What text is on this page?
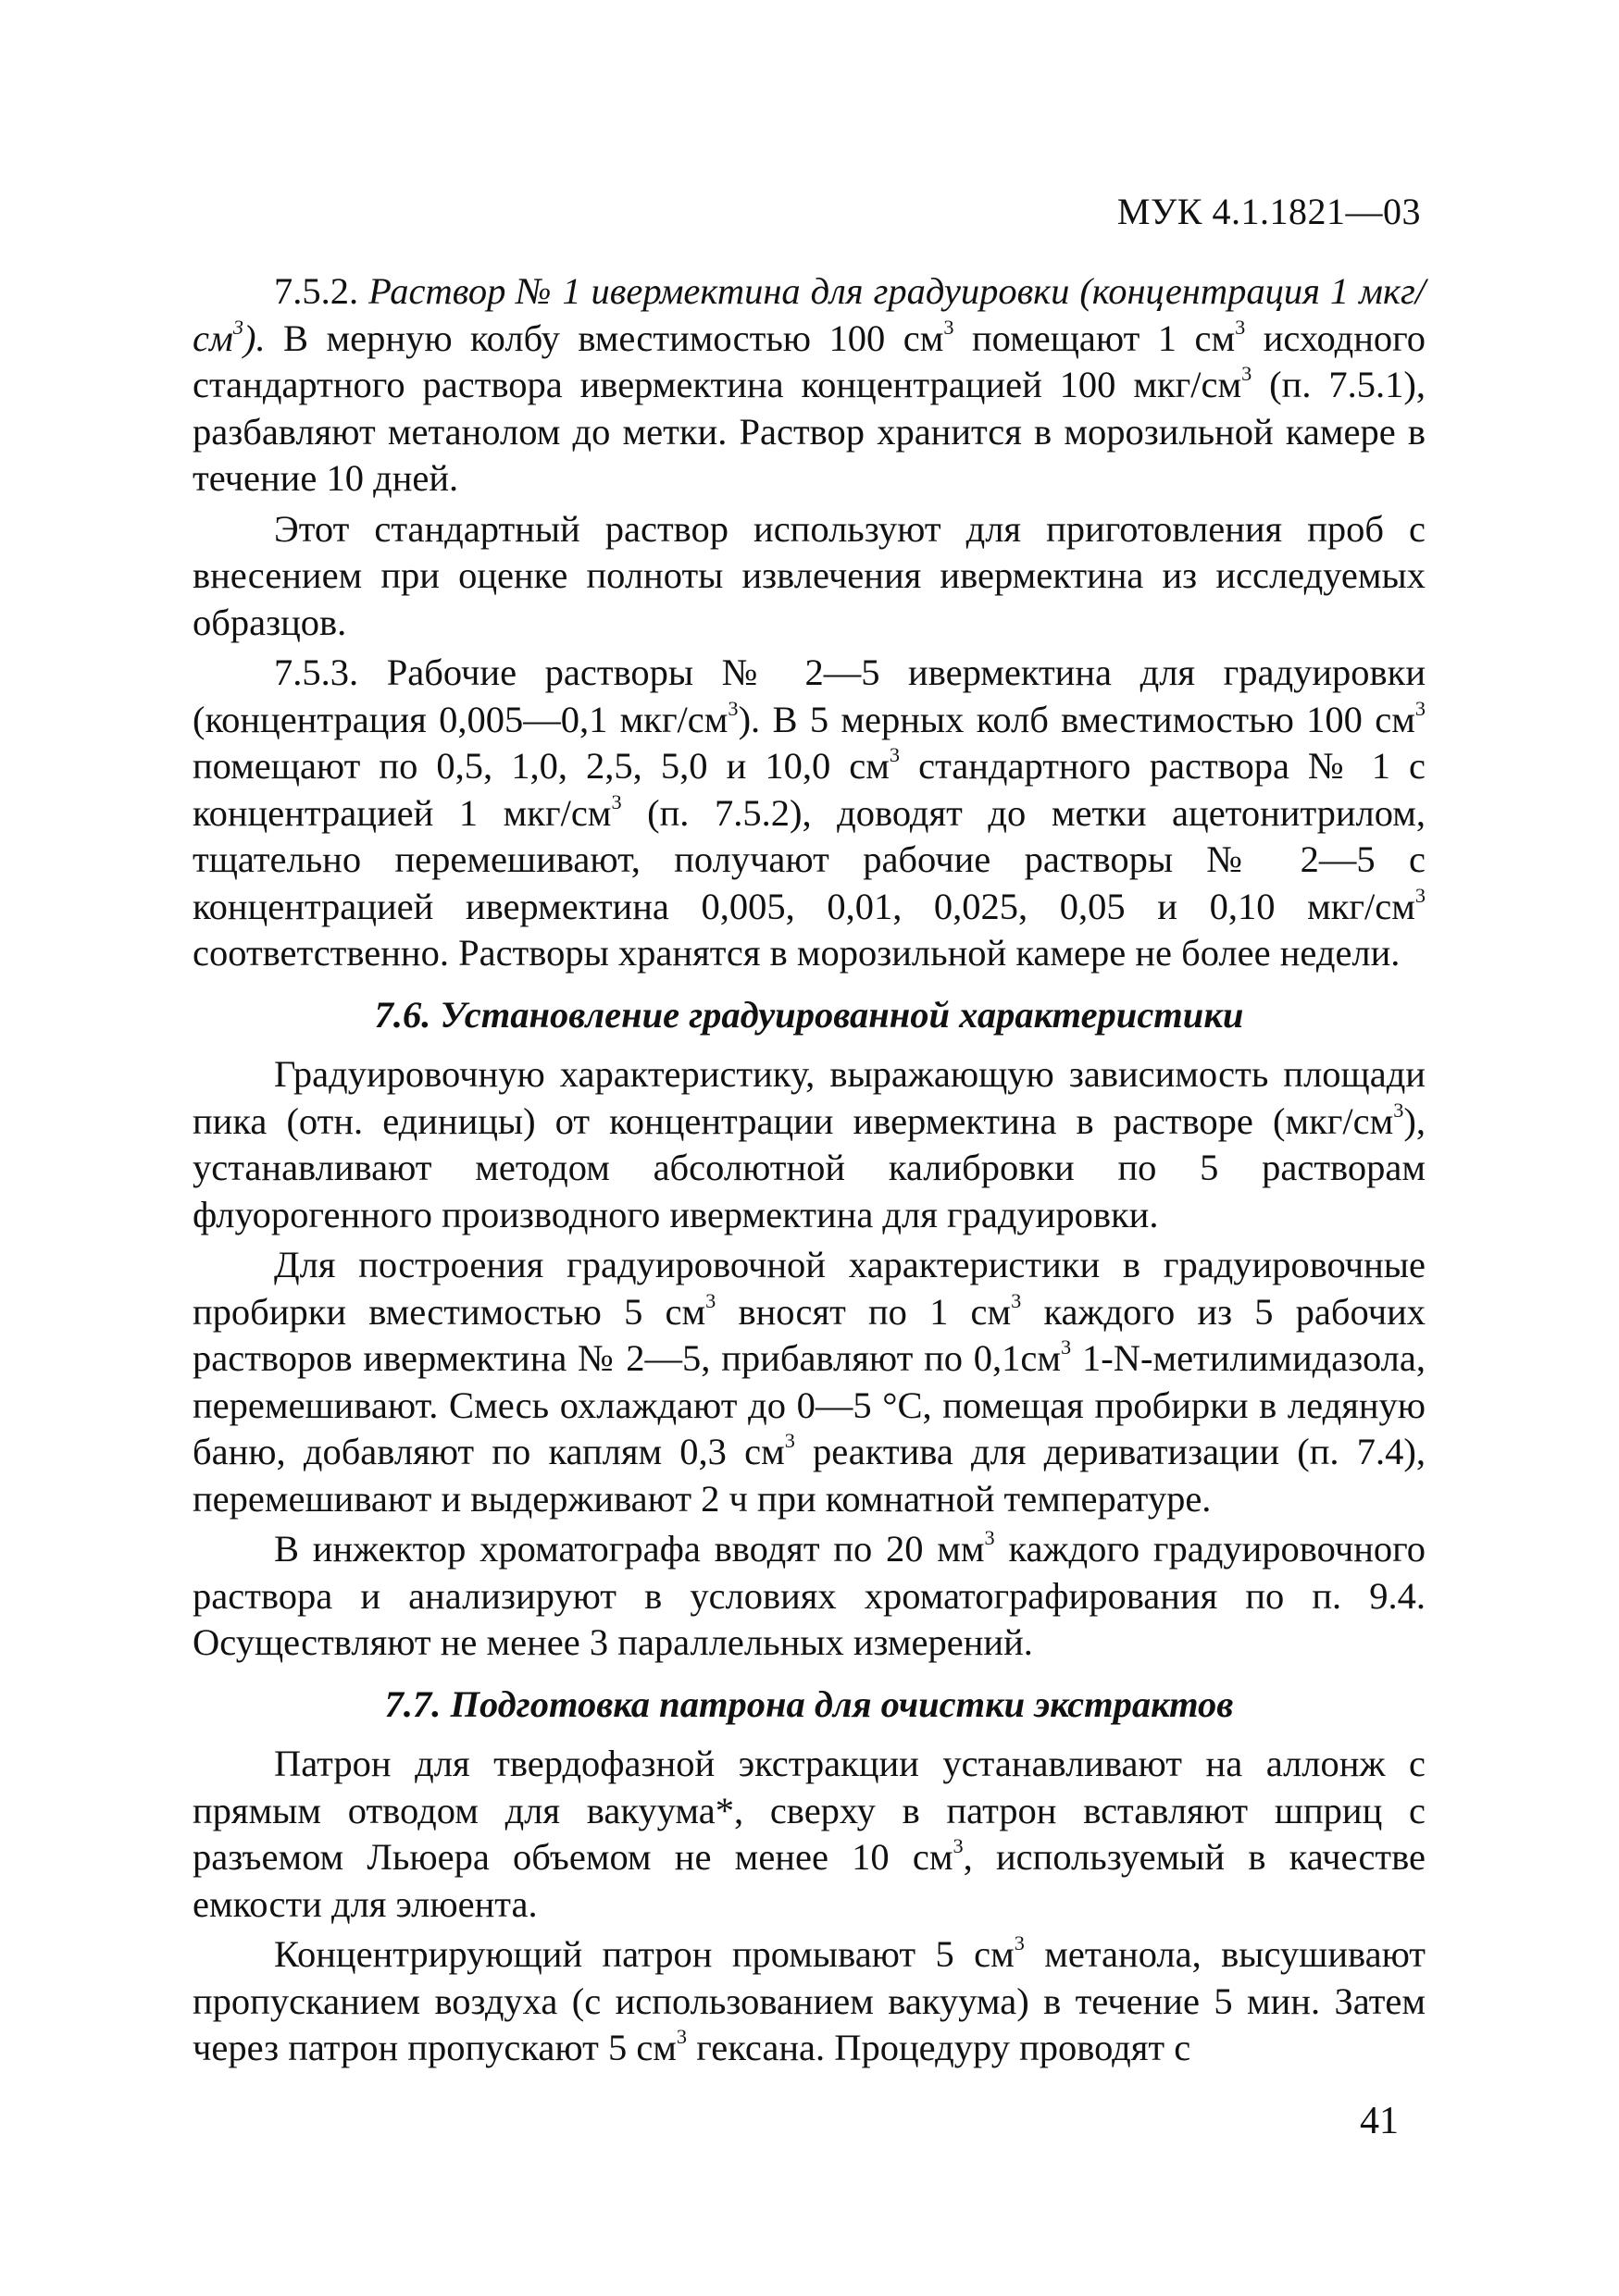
МУК 4.1.1821—03

7.5.2. Раствор № 1 ивермектина для градуировки (концентрация 1 мкг/ $см^3$). В мерную колбу вместимостью 100 $см^3$ помещают 1 $см^3$ исходного стандартного раствора ивермектина концентрацией 100 мкг/$см^3$ (п. 7.5.1), разбавляют метанолом до метки. Раствор хранится в морозильной камере в течение 10 дней.

Этот стандартный раствор используют для приготовления проб с внесением при оценке полноты извлечения ивермектина из исследуемых образцов.

7.5.3. Рабочие растворы № 2—5 ивермектина для градуировки (концентрация 0,005—0,1 мкг/$см^3$). В 5 мерных колб вместимостью 100 $см^3$ помещают по 0,5, 1,0, 2,5, 5,0 и 10,0 $см^3$ стандартного раствора № 1 с концентрацией 1 мкг/$см^3$ (п. 7.5.2), доводят до метки ацетонитрилом, тщательно перемешивают, получают рабочие растворы № 2—5 с концентрацией ивермектина 0,005, 0,01, 0,025, 0,05 и 0,10 мкг/$см^3$ соответственно. Растворы хранятся в морозильной камере не более недели.

7.6. Установление градуированной характеристики

Градуировочную характеристику, выражающую зависимость площади пика (отн. единицы) от концентрации ивермектина в растворе $(мкг/см^3)$, устанавливают методом абсолютной калибровки по 5 растворам флуорогенного производного ивермектина для градуировки.

Для построения градуировочной характеристики в градуировочные пробирки вместимостью 5 $см^3$ вносят по 1 $см^3$ каждого из 5 рабочих растворов ивермектина № 2—5, прибавляют по $0,1см^3$ 1-N-метилимидазола, перемешивают. Смесь охлаждают до 0—5 °С, помещая пробирки в ледяную баню, добавляют по каплям 0,3 $см^3$ реактива для дериватизации (п. 7.4), перемешивают и выдерживают 2 ч при комнатной температуре.

В инжектор хроматографа вводят по 20 $мм^3$ каждого градуировочного раствора и анализируют в условиях хроматографирования по п. 9.4. Осуществляют не менее 3 параллельных измерений.

7.7. Подготовка патрона для очистки экстрактов

Патрон для твердофазной экстракции устанавливают на аллонж с прямым отводом для вакуума*, сверху в патрон вставляют шприц с разъемом Льюера объемом не менее 10 $см^3$, используемый в качестве емкости для элюента.

Концентрирующий патрон промывают 5 $см^3$ метанола, высушивают пропусканием воздуха (с использованием вакуума) в течение 5 мин. Затем через патрон пропускают 5 $см^3$ гексана. Процедуру проводят с

41
